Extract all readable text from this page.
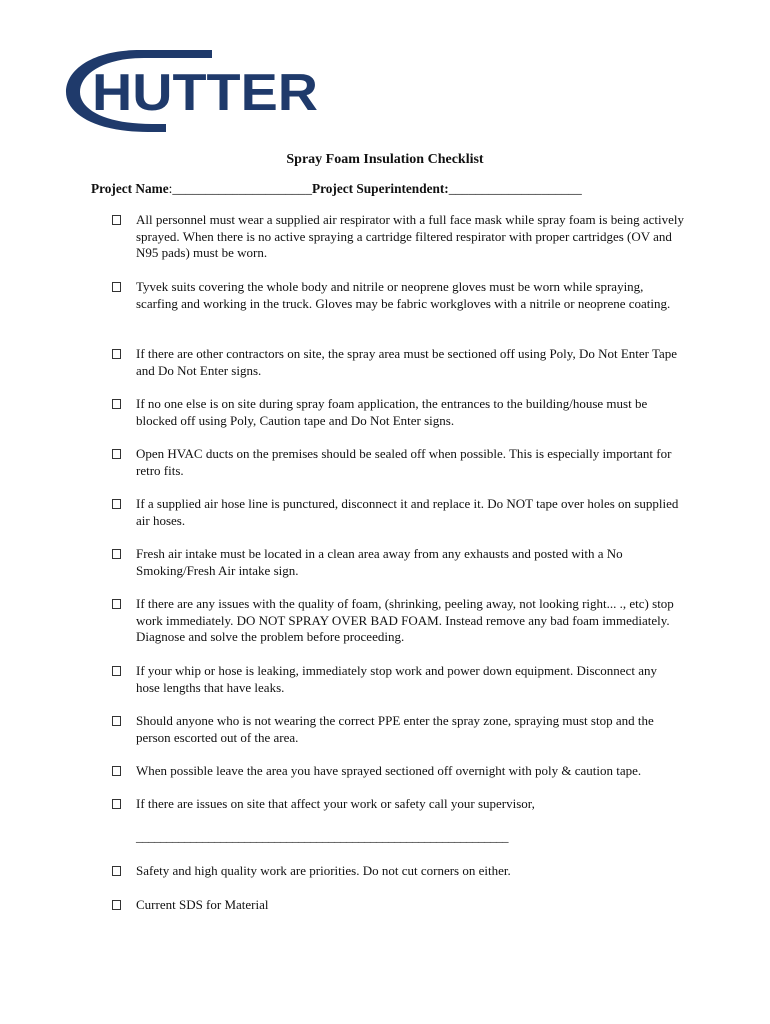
HUTTER
Spray Foam Insulation Checklist
Project Name:_____________________Project Superintendent:____________________
All personnel must wear a supplied air respirator with a full face mask while spray foam is being actively sprayed. When there is no active spraying a cartridge filtered respirator with proper cartridges (OV and N95 pads) must be worn.
Tyvek suits covering the whole body and nitrile or neoprene gloves must be worn while spraying, scarfing and working in the truck. Gloves may be fabric workgloves with a nitrile or neoprene coating.
If there are other contractors on site, the spray area must be sectioned off using Poly, Do Not Enter Tape and Do Not Enter signs.
If no one else is on site during spray foam application, the entrances to the building/house must be blocked off using Poly, Caution tape and Do Not Enter signs.
Open HVAC ducts on the premises should be sealed off when possible. This is especially important for retro fits.
If a supplied air hose line is punctured, disconnect it and replace it. Do NOT tape over holes on supplied air hoses.
Fresh air intake must be located in a clean area away from any exhausts and posted with a No Smoking/Fresh Air intake sign.
If there are any issues with the quality of foam, (shrinking, peeling away, not looking right... ., etc) stop work immediately. DO NOT SPRAY OVER BAD FOAM. Instead remove any bad foam immediately. Diagnose and solve the problem before proceeding.
If your whip or hose is leaking, immediately stop work and power down equipment. Disconnect any hose lengths that have leaks.
Should anyone who is not wearing the correct PPE enter the spray zone, spraying must stop and the person escorted out of the area.
When possible leave the area you have sprayed sectioned off overnight with poly & caution tape.
If there are issues on site that affect your work or safety call your supervisor,
______________________________________________________________
Safety and high quality work are priorities. Do not cut corners on either.
Current SDS for Material
